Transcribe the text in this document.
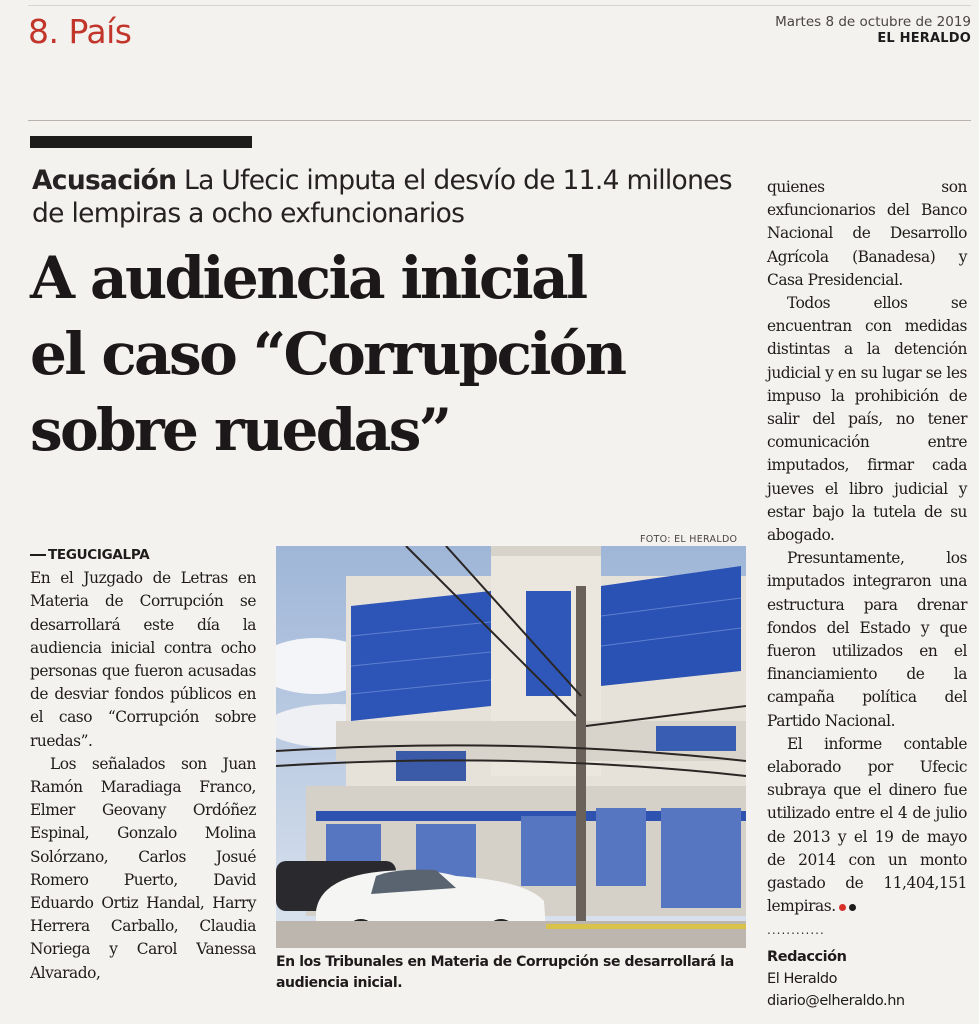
8. País	Martes 8 de octubre de 2019
EL HERALDO
Acusación La Ufecic imputa el desvío de 11.4 millones de lempiras a ocho exfuncionarios
A audiencia inicial
el caso “Corrupción
sobre ruedas”
TEGUCIGALPA

En el Juzgado de Letras en Materia de Corrupción se desarrollará este día la audiencia inicial contra ocho personas que fueron acusadas de desviar fondos públicos en el caso “Corrupción sobre ruedas”.

Los señalados son Juan Ramón Maradiaga Franco, Elmer Geovany Ordóñez Espinal, Gonzalo Molina Solórzano, Carlos Josué Romero Puerto, David Eduardo Ortiz Handal, Harry Herrera Carballo, Claudia Noriega y Carol Vanessa Alvarado,

FOTO: EL HERALDO
En los Tribunales en Materia de Corrupción se desarrollará la audiencia inicial.

quienes son exfuncionarios del Banco Nacional de Desarrollo Agrícola (Banadesa) y Casa Presidencial.

Todos ellos se encuentran con medidas distintas a la detención judicial y en su lugar se les impuso la prohibición de salir del país, no tener comunicación entre imputados, firmar cada jueves el libro judicial y estar bajo la tutela de su abogado.

Presuntamente, los imputados integraron una estructura para drenar fondos del Estado y que fueron utilizados en el financiamiento de la campaña política del Partido Nacional.

El informe contable elaborado por Ufecic subraya que el dinero fue utilizado entre el 4 de julio de 2013 y el 19 de mayo de 2014 con un monto gastado de 11,404,151 lempiras.

............
Redacción
El Heraldo
diario@elheraldo.hn
